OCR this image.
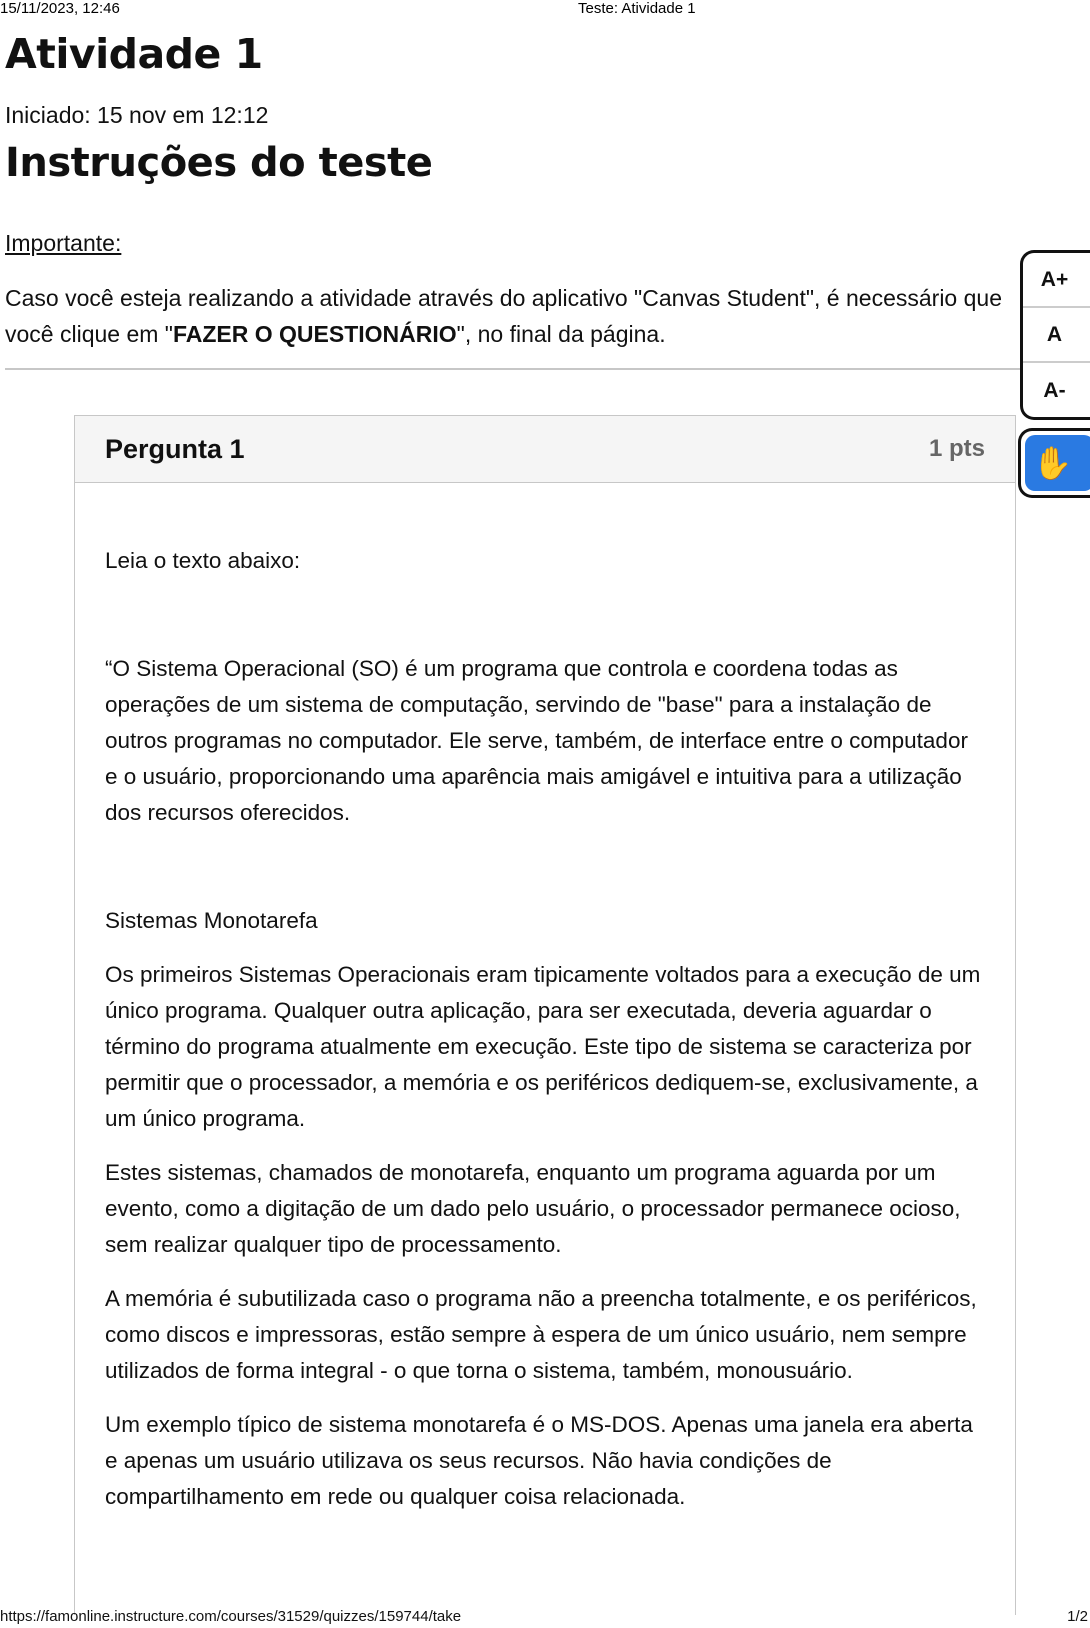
15/11/2023, 12:46	Teste: Atividade 1
Atividade 1
Iniciado: 15 nov em 12:12
Instruções do teste
Importante:
Caso você esteja realizando a atividade através do aplicativo "Canvas Student", é necessário que
você clique em "FAZER O QUESTIONÁRIO", no final da página.
Pergunta 1	1 pts

Leia o texto abaixo:

“O Sistema Operacional (SO) é um programa que controla e coordena todas as operações de um sistema de computação, servindo de "base" para a instalação de outros programas no computador. Ele serve, também, de interface entre o computador e o usuário, proporcionando uma aparência mais amigável e intuitiva para a utilização dos recursos oferecidos.

Sistemas Monotarefa

Os primeiros Sistemas Operacionais eram tipicamente voltados para a execução de um único programa. Qualquer outra aplicação, para ser executada, deveria aguardar o término do programa atualmente em execução. Este tipo de sistema se caracteriza por permitir que o processador, a memória e os periféricos dediquem-se, exclusivamente, a um único programa.

Estes sistemas, chamados de monotarefa, enquanto um programa aguarda por um evento, como a digitação de um dado pelo usuário, o processador permanece ocioso, sem realizar qualquer tipo de processamento.

A memória é subutilizada caso o programa não a preencha totalmente, e os periféricos, como discos e impressoras, estão sempre à espera de um único usuário, nem sempre utilizados de forma integral - o que torna o sistema, também, monousuário.

Um exemplo típico de sistema monotarefa é o MS-DOS. Apenas uma janela era aberta e apenas um usuário utilizava os seus recursos. Não havia condições de compartilhamento em rede ou qualquer coisa relacionada.

A+
A
A-
✋
https://famonline.instructure.com/courses/31529/quizzes/159744/take	1/2
